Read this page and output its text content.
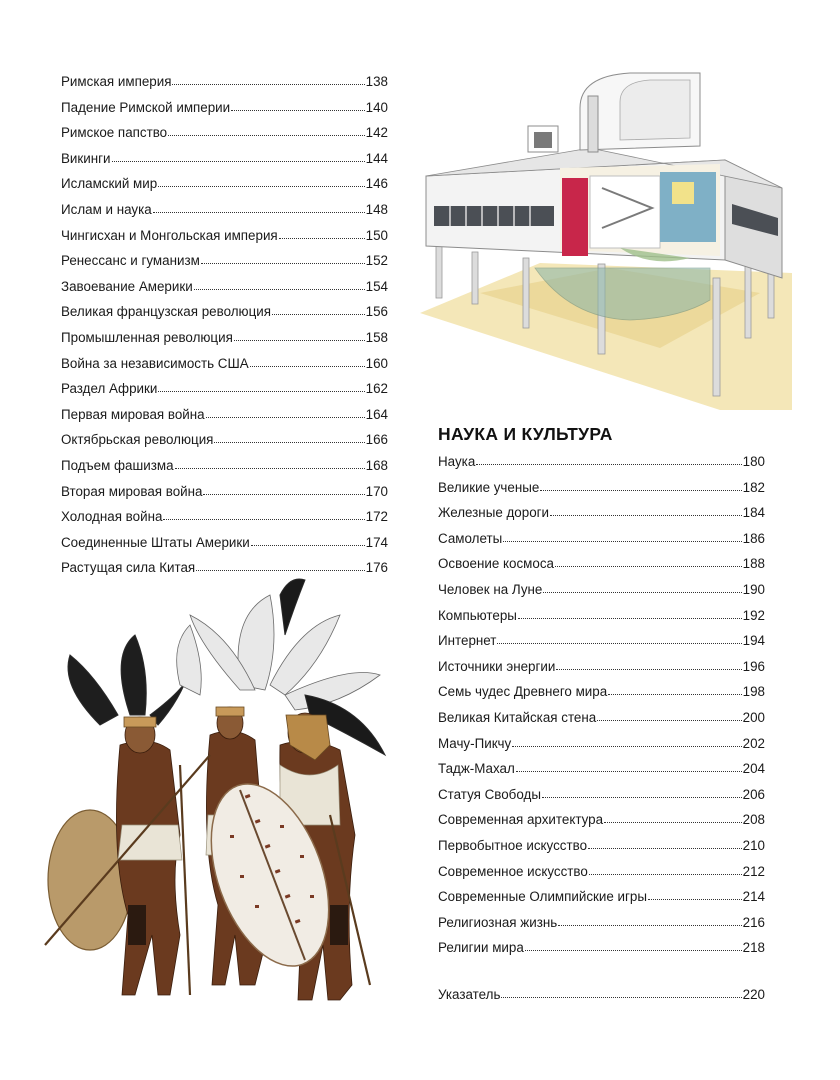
Римская империя	138
Падение Римской империи	140
Римское папство	142
Викинги	144
Исламский мир	146
Ислам и наука	148
Чингисхан и Монгольская империя	150
Ренессанс и гуманизм	152
Завоевание Америки	154
Великая французская революция	156
Промышленная революция	158
Война за независимость США	160
Раздел Африки	162
Первая мировая война	164
Октябрьская революция	166
Подъем фашизма	168
Вторая мировая война	170
Холодная война	172
Соединенные Штаты Америки	174
Растущая сила Китая	176
НАУКА И КУЛЬТУРА
Наука	180
Великие ученые	182
Железные дороги	184
Самолеты	186
Освоение космоса	188
Человек на Луне	190
Компьютеры	192
Интернет	194
Источники энергии	196
Семь чудес Древнего мира	198
Великая Китайская стена	200
Мачу-Пикчу	202
Тадж-Махал	204
Статуя Свободы	206
Современная архитектура	208
Первобытное искусство	210
Современное искусство	212
Современные Олимпийские игры	214
Религиозная жизнь	216
Религии мира	218
Указатель	220
